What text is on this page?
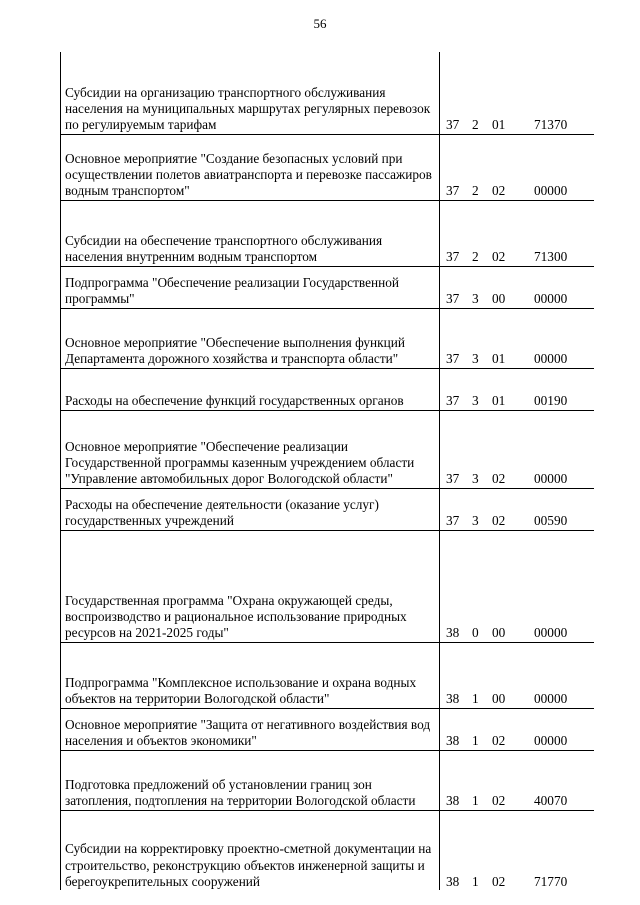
56
Субсидии на организацию транспортного обслуживания населения на муниципальных маршрутах регулярных перевозок по регулируемым тарифам	37 2 01 71370

Основное мероприятие "Создание безопасных условий при осуществлении полетов авиатранспорта и перевозке пассажиров водным транспортом"	37 2 02 00000

Субсидии на обеспечение транспортного обслуживания населения внутренним водным транспортом	37 2 02 71300

Подпрограмма "Обеспечение реализации Государственной программы"	37 3 00 00000

Основное мероприятие "Обеспечение выполнения функций Департамента дорожного хозяйства и транспорта области"	37 3 01 00000

Расходы на обеспечение функций государственных органов	37 3 01 00190

Основное мероприятие "Обеспечение реализации Государственной программы казенным учреждением области "Управление автомобильных дорог Вологодской области"	37 3 02 00000

Расходы на обеспечение деятельности (оказание услуг) государственных учреждений	37 3 02 00590

Государственная программа "Охрана окружающей среды, воспроизводство и рациональное использование природных ресурсов на 2021-2025 годы"	38 0 00 00000

Подпрограмма "Комплексное использование и охрана водных объектов на территории Вологодской области"	38 1 00 00000

Основное мероприятие "Защита от негативного воздействия вод населения и объектов экономики"	38 1 02 00000

Подготовка предложений об установлении границ зон затопления, подтопления на территории Вологодской области	38 1 02 40070

Субсидии на корректировку проектно-сметной документации на строительство, реконструкцию объектов инженерной защиты и берегоукрепительных сооружений	38 1 02 71770
